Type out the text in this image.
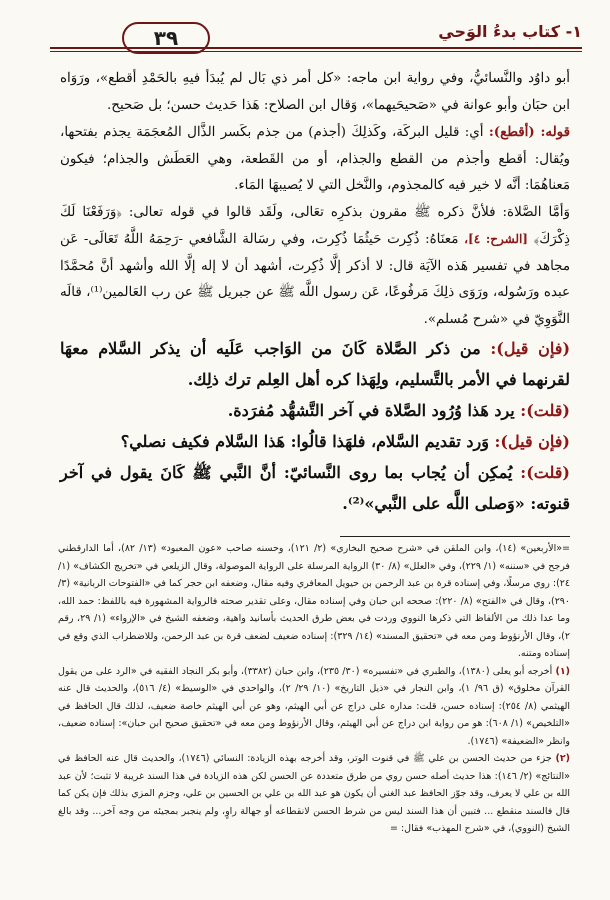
١- كتاب بدءُ الوَحي
٣٩

أبو داوُد والنَّسائيُّ، وفي رواية ابن ماجه: «كل أمر ذي بَال لم يُبدَأ فيهِ بالحَمْدِ أقطع»، ورَوَاه ابن حبَان وأبو عوانة في «صَحيحَيهما»، وَقال ابن الصلاح: هَذا حَديث حسن؛ بل صَحيح.

قوله: (أقطع): أي: قليل البركَة، وكَذلِكَ (أجذم) من جذم بكَسر الذَّال المُعجَمَة يجذم بفتحها، ويُقال: أقطع وأجذم من القطع والجذام، أو من القَطعة، وهي العَطَش والجذام؛ فيكون مَعناهُمَا: أنَّه لا خير فيه كالمجذوم، والنَّخل التي لا يُصيبهَا المَاء.

وَأمَّا الصَّلاة: فلأنَّ ذكره ﷺ مقرون بذكرِه تعَالى، ولَقَد قالوا في قوله تعالى: ﴿وَرَفَعْنَا لَكَ ذِكْرَكَ﴾ [الشرح: ٤]، مَعنَاهُ: ذُكِرت حَيثُمَا ذُكِرت، وفي رسَالة الشَّافعي -رَحِمَهُ اللَّهُ تَعَالَى- عَن مجاهد في تفسير هَذه الآيَة قال: لا أذكر إلَّا ذُكِرت، أشهد أن لا إله إلَّا الله وأشهد أنَّ مُحمَّدًا عبده ورَسُوله، ورَوَى ذلِكَ مَرفُوعًا، عَن رسول اللَّه ﷺ عن جبريل ﷺ عن رب العَالمين⁽¹⁾، قالَه النَّوَوِيّ في «شرح مُسلم».

(فإن قيل): من ذكر الصَّلاة كَانَ من الوَاجب عَلَيه أن يذكر السَّلام معهَا لقرنهما في الأمر بالتَّسليم، ولِهَذا كره أهل العِلم ترك ذلِك.

(قلت): يرد هَذا وُرُود الصَّلاة في آخر التَّشهُّد مُفرَدة.

(فإن قيل): وَرد تقديم السَّلام، فلهَذا قالُوا: هَذا السَّلام فكيف نصلي؟

(قلت): يُمكِن أن يُجاب بما روى النَّسائيّ: أنَّ النَّبي ﷺ كَانَ يقول في آخر قنوته: «وَصلى اللَّه على النَّبي»⁽²⁾.

=«الأربعين» (١٤)، وابن الملقن في «شرح صحيح البخاري» (٢/ ١٢١)، وحسنه صاحب «عون المعبود» (١٣/ ٨٢)، أما الدارقطني فرجح في «سننه» (١/ ٢٢٩)، وفي «العلل» (٨/ ٣٠) الرواية المرسلة على الرواية الموصولة، وقال الزيلعي في «تخريج الكشاف» (١/ ٢٤): روي مرسلًا، وفي إسناده قرة بن عبد الرحمن بن حيويل المعافري وفيه مقال، وضعفه ابن حجر كما في «الفتوحات الربانية» (٣/ ٢٩٠)، وقال في «الفتح» (٨/ ٢٢٠): صححه ابن حبان وفي إسناده مقال، وعلى تقدير صحته فالرواية المشهورة فيه باللفظ: حمد الله، وما عدا ذلك من الألفاظ التي ذكرها النووي وردت في بعض طرق الحديث بأسانيد واهية، وضعفه الشيخ في «الإرواء» (١/ ٢٩، رقم ٢)، وقال الأرنؤوط ومن معه في «تحقيق المسند» (١٤/ ٣٢٩): إسناده ضعيف لضعف قرة بن عبد الرحمن، وللاضطراب الذي وقع في إسناده ومتنه.

(١) أخرجه أبو يعلى (١٣٨٠)، والطبري في «تفسيره» (٣٠/ ٢٣٥)، وابن حبان (٣٣٨٢)، وأبو بكر النجاد الفقيه في «الرد على من يقول القرآن مخلوق» (ق ٩٦/ ١)، وابن النجار في «ذيل التاريخ» (١٠/ ٢٩/ ٢)، والواحدي في «الوسيط» (٤/ ٥١٦)، والحديث قال عنه الهيثمي (٨/ ٢٥٤): إسناده حسن، قلت: مداره على دراج عن أبي الهيثم، وهو عن أبي الهيثم خاصة ضعيف، لذلك قال الحافظ في «التلخيص» (١/ ٦٠٨): هو من رواية ابن دراج عن أبي الهيثم، وقال الأرنؤوط ومن معه في «تحقيق صحيح ابن حبان»: إسناده ضعيف، وانظر «الضعيفة» (١٧٤٦).

(٢) جزء من حديث الحسن بن علي ﷺ في قنوت الوتر، وقد أخرجه بهذه الزيادة: النسائي (١٧٤٦)، والحديث قال عنه الحافظ في «النتائج» (٢/ ١٤٦): هذا حديث أصله حسن روي من طرق متعددة عن الحسن لكن هذه الزيادة في هذا السند غريبة لا تثبت؛ لأن عبد الله بن علي لا يعرف، وقد جوّز الحافظ عبد الغني أن يكون هو عبد الله بن علي بن الحسين بن علي، وجزم المزي بذلك فإن يكن كما قال فالسند منقطع ... فتبين أن هذا السند ليس من شرط الحسن لانقطاعه أو جهالة راوٍ، ولم ينجبر بمجيئه من وجه آخر... وقد بالغ الشيخ (النووي)، في «شرح المهذب» فقال: =
